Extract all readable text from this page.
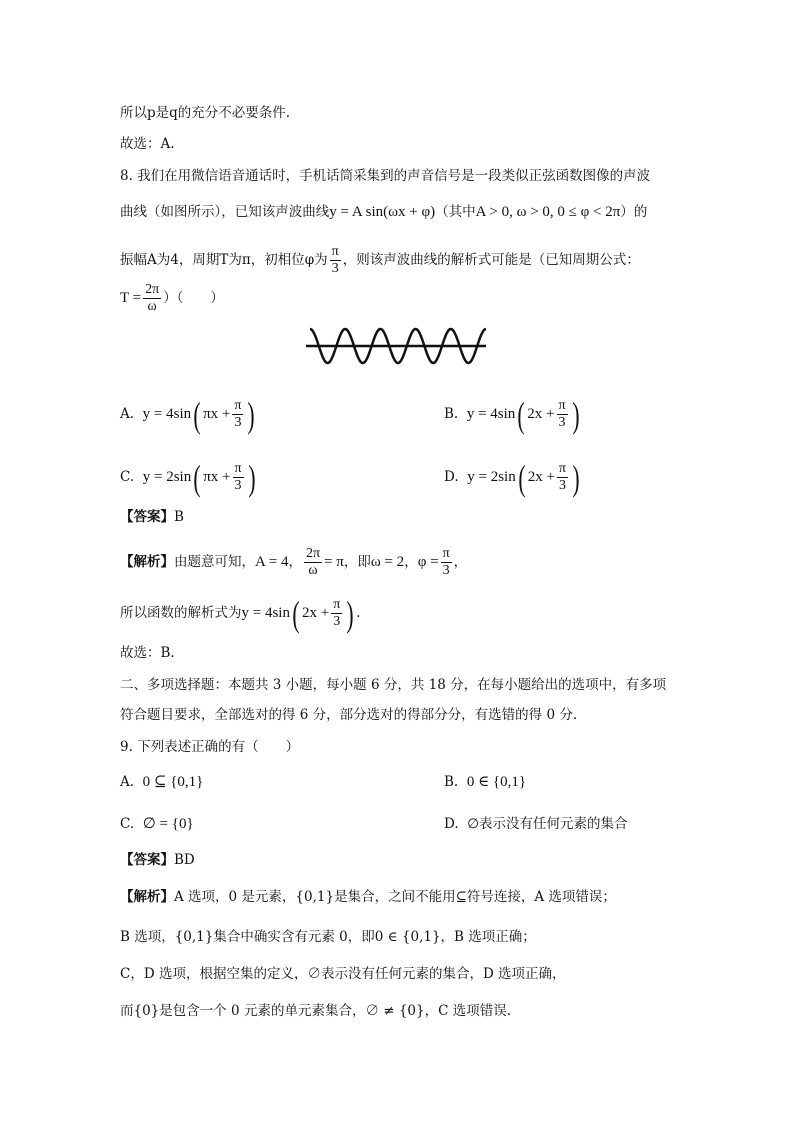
所以p是q的充分不必要条件.
故选：A.
8. 我们在用微信语音通话时，手机话筒采集到的声音信号是一段类似正弦函数图像的声波
曲线（如图所示），已知该声波曲线y = A sin(ωx + φ)（其中A > 0, ω > 0, 0 ≤ φ < 2π）的
振幅A为4，周期T为π，初相位φ为 $\frac{\pi}{3}$ ，则该声波曲线的解析式可能是（已知周期公式：
$T = \frac{2\pi}{\omega}$ ）（　　）
A. y = 4sin( $\pi x + \frac{\pi}{3}$ )	B. y = 4sin( $2x + \frac{\pi}{3}$ )
C. y = 2sin( $\pi x + \frac{\pi}{3}$ )	D. y = 2sin( $2x + \frac{\pi}{3}$ )
【答案】B
【解析】由题意可知，A = 4， $\frac{2\pi}{\omega} = \pi$，即ω = 2，$\varphi = \frac{\pi}{3}$ ，
所以函数的解析式为y = 4sin( $2x + \frac{\pi}{3}$ ) .
故选：B.
二、多项选择题：本题共 3 小题，每小题 6 分，共 18 分，在每小题给出的选项中，有多项
符合题目要求，全部选对的得 6 分，部分选对的得部分分，有选错的得 0 分.
9. 下列表述正确的有（　　）
A. 0 ⊆ {0,1}	B. 0 ∈ {0,1}
C. ∅ = {0}	D. ∅表示没有任何元素的集合
【答案】BD
【解析】A 选项，0 是元素，{0,1}是集合，之间不能用⊆符号连接，A 选项错误；
B 选项，{0,1}集合中确实含有元素 0，即0 ∈ {0,1}，B 选项正确；
C，D 选项，根据空集的定义，∅表示没有任何元素的集合，D 选项正确，
而{0}是包含一个 0 元素的单元素集合，∅ ≠ {0}，C 选项错误.
